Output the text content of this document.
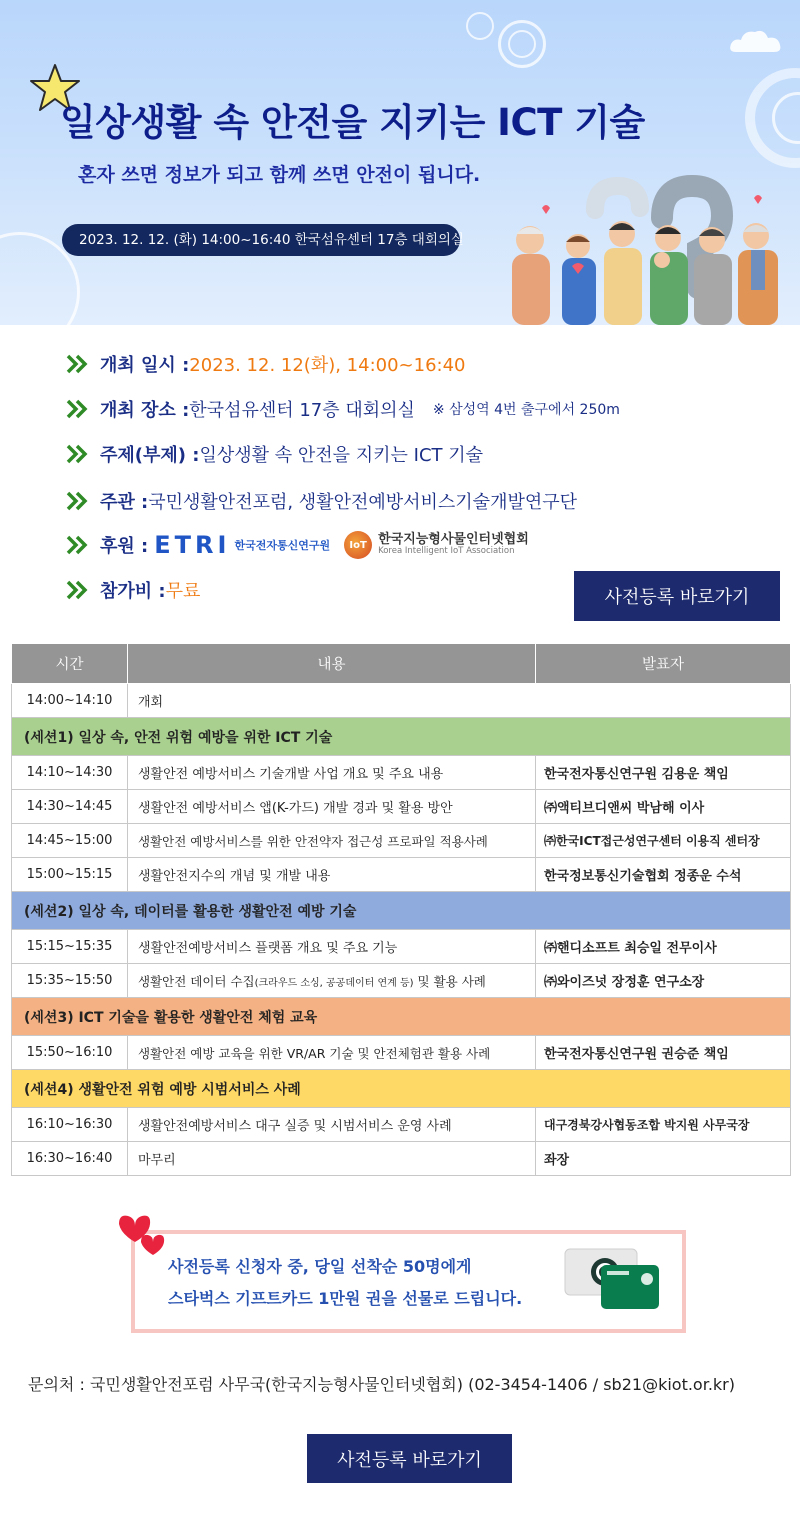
일상생활 속 안전을 지키는 ICT 기술
혼자 쓰면 정보가 되고 함께 쓰면 안전이 됩니다.
2023. 12. 12. (화) 14:00~16:40 한국섬유센터 17층 대회의실
개최 일시 : 2023. 12. 12(화), 14:00~16:40
개최 장소 : 한국섬유센터 17층 대회의실 ※ 삼성역 4번 출구에서 250m
주제(부제) : 일상생활 속 안전을 지키는 ICT 기술
주관 : 국민생활안전포럼, 생활안전예방서비스기술개발연구단
후원 : ETRI 한국전자통신연구원	IoT 한국지능형사물인터넷협회
Korea Intelligent IoT Association
참가비 : 무료	사전등록 바로가기
시간	내용	발표자
14:00~14:10	개회	
(세션1) 일상 속, 안전 위험 예방을 위한 ICT 기술		
14:10~14:30	생활안전 예방서비스 기술개발 사업 개요 및 주요 내용	한국전자통신연구원 김용운 책임
14:30~14:45	생활안전 예방서비스 앱(K-가드) 개발 경과 및 활용 방안	㈜액티브디앤씨 박남해 이사
14:45~15:00	생활안전 예방서비스를 위한 안전약자 접근성 프로파일 적용사례	㈜한국ICT접근성연구센터 이용직 센터장
15:00~15:15	생활안전지수의 개념 및 개발 내용	한국정보통신기술협회 정종운 수석
(세션2) 일상 속, 데이터를 활용한 생활안전 예방 기술		
15:15~15:35	생활안전예방서비스 플랫폼 개요 및 주요 기능	㈜핸디소프트 최승일 전무이사
15:35~15:50	생활안전 데이터 수집(크라우드 소싱, 공공데이터 연계 등) 및 활용 사례	㈜와이즈넛 장정훈 연구소장
(세션3) ICT 기술을 활용한 생활안전 체험 교육		
15:50~16:10	생활안전 예방 교육을 위한 VR/AR 기술 및 안전체험관 활용 사례	한국전자통신연구원 권승준 책임
(세션4) 생활안전 위험 예방 시범서비스 사례		
16:10~16:30	생활안전예방서비스 대구 실증 및 시범서비스 운영 사례	대구경북강사협동조합 박지원 사무국장
16:30~16:40	마무리	좌장
사전등록 신청자 중, 당일 선착순 50명에게
스타벅스 기프트카드 1만원 권을 선물로 드립니다.
문의처 : 국민생활안전포럼 사무국(한국지능형사물인터넷협회) (02-3454-1406 / sb21@kiot.or.kr)
사전등록 바로가기
